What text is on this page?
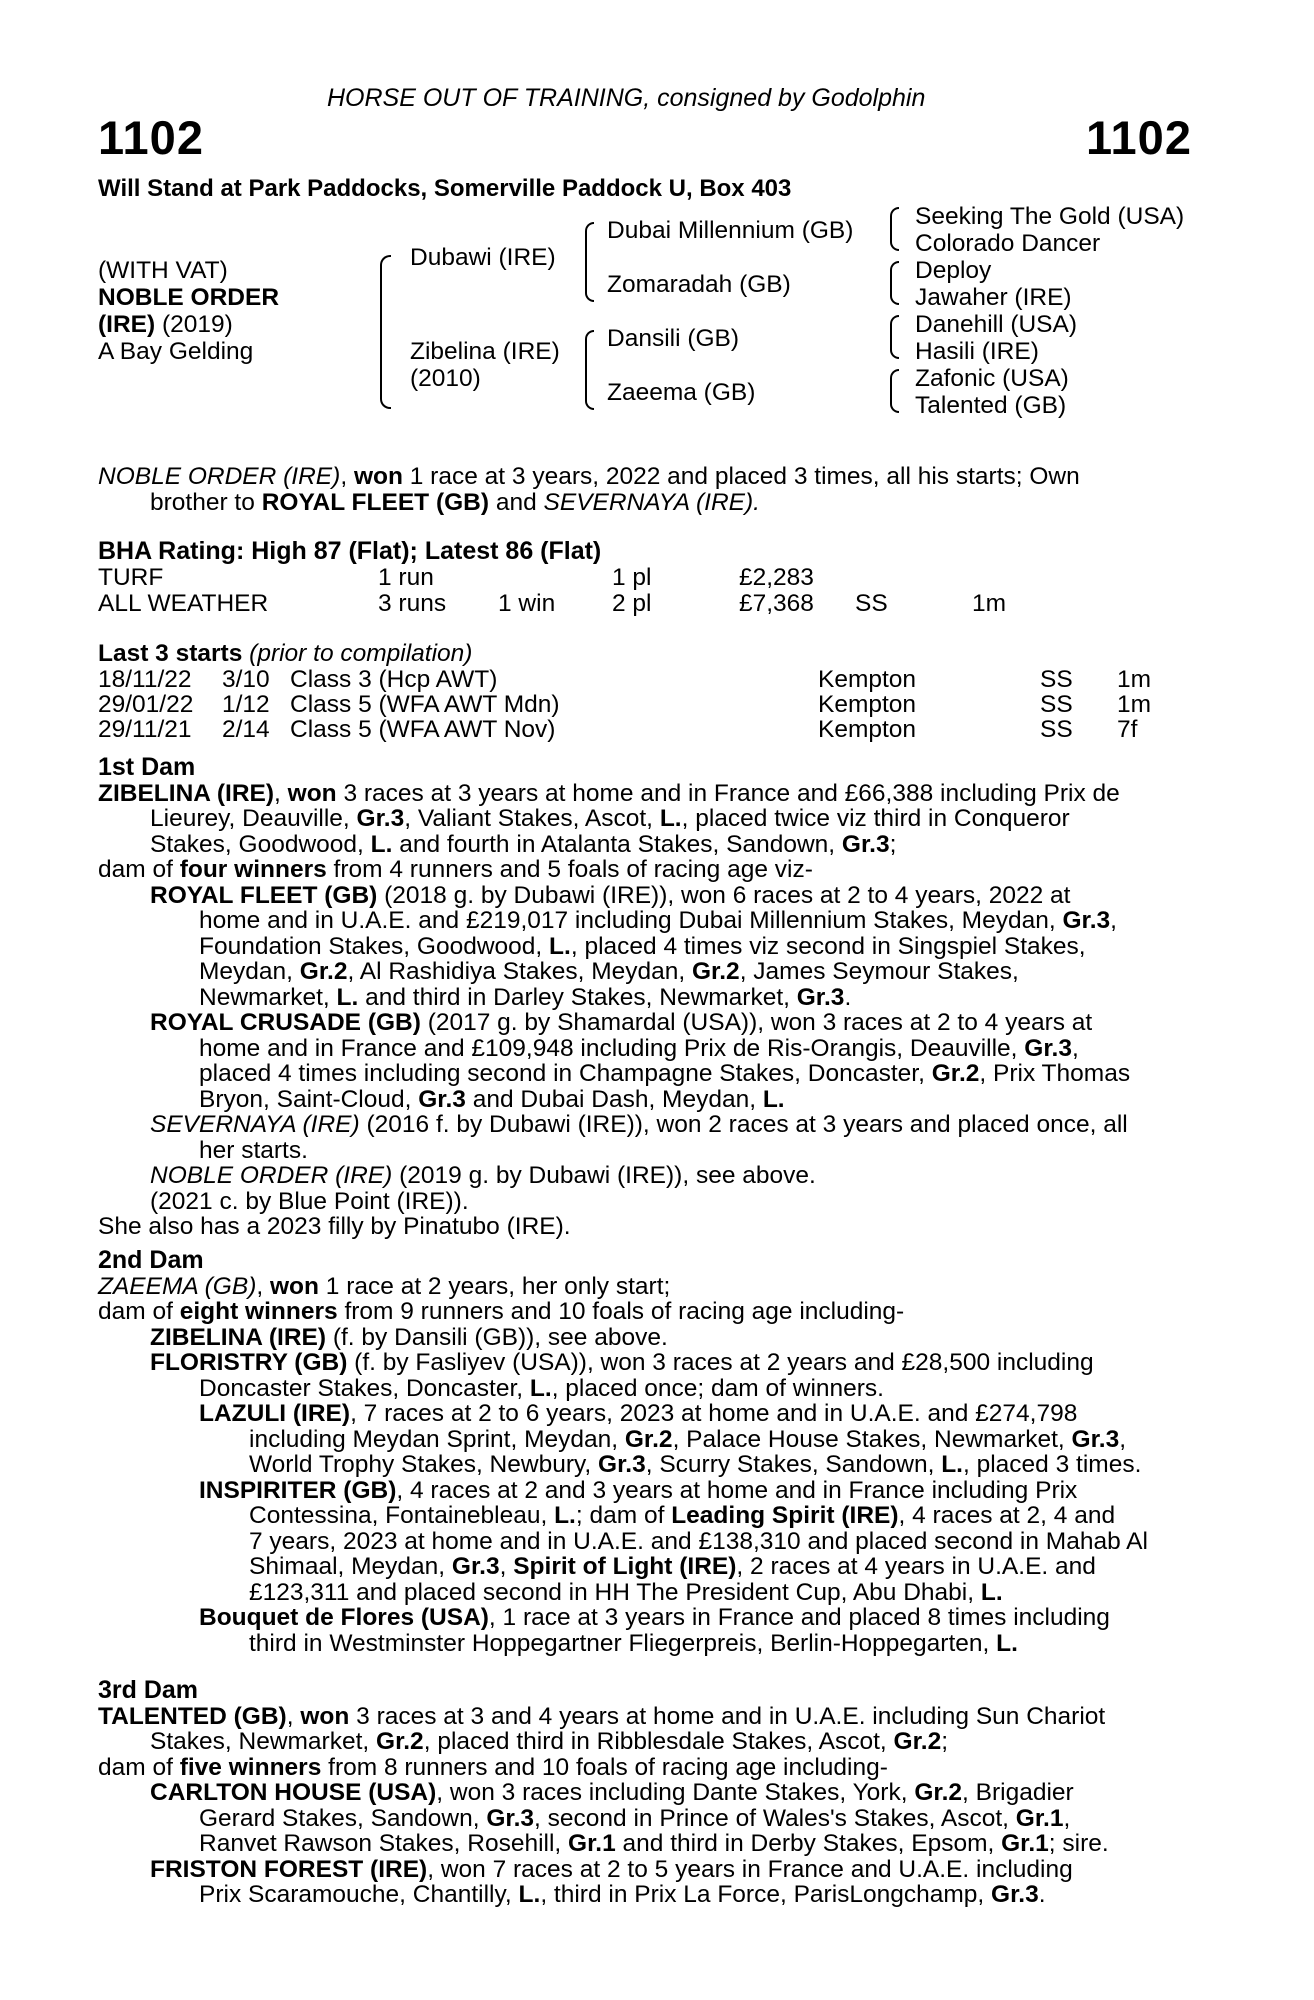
HORSE OUT OF TRAINING, consigned by Godolphin
1102	1102
Will Stand at Park Paddocks, Somerville Paddock U, Box 403
(WITH VAT)
NOBLE ORDER
(IRE) (2019)
A Bay Gelding
Dubawi (IRE)
Zibelina (IRE)
(2010)
Dubai Millennium (GB)
Zomaradah (GB)
Dansili (GB)
Zaeema (GB)
Seeking The Gold (USA)
Colorado Dancer
Deploy
Jawaher (IRE)
Danehill (USA)
Hasili (IRE)
Zafonic (USA)
Talented (GB)
NOBLE ORDER (IRE), won 1 race at 3 years, 2022 and placed 3 times, all his starts; Own
brother to ROYAL FLEET (GB) and SEVERNAYA (IRE).
BHA Rating: High 87 (Flat); Latest 86 (Flat)
TURF	1 run	1 pl	£2,283
ALL WEATHER	3 runs 1 win 2 pl	£7,368 SS	1m
Last 3 starts (prior to compilation)
18/11/22 3/10 Class 3 (Hcp AWT)	Kempton	SS 1m
29/01/22 1/12 Class 5 (WFA AWT Mdn)	Kempton	SS 1m
29/11/21 2/14 Class 5 (WFA AWT Nov)	Kempton	SS 7f
1st Dam
ZIBELINA (IRE), won 3 races at 3 years at home and in France and £66,388 including Prix de
Lieurey, Deauville, Gr.3, Valiant Stakes, Ascot, L., placed twice viz third in Conqueror
Stakes, Goodwood, L. and fourth in Atalanta Stakes, Sandown, Gr.3;
dam of four winners from 4 runners and 5 foals of racing age viz-
ROYAL FLEET (GB) (2018 g. by Dubawi (IRE)), won 6 races at 2 to 4 years, 2022 at
home and in U.A.E. and £219,017 including Dubai Millennium Stakes, Meydan, Gr.3,
Foundation Stakes, Goodwood, L., placed 4 times viz second in Singspiel Stakes,
Meydan, Gr.2, Al Rashidiya Stakes, Meydan, Gr.2, James Seymour Stakes,
Newmarket, L. and third in Darley Stakes, Newmarket, Gr.3.
ROYAL CRUSADE (GB) (2017 g. by Shamardal (USA)), won 3 races at 2 to 4 years at
home and in France and £109,948 including Prix de Ris-Orangis, Deauville, Gr.3,
placed 4 times including second in Champagne Stakes, Doncaster, Gr.2, Prix Thomas
Bryon, Saint-Cloud, Gr.3 and Dubai Dash, Meydan, L.
SEVERNAYA (IRE) (2016 f. by Dubawi (IRE)), won 2 races at 3 years and placed once, all
her starts.
NOBLE ORDER (IRE) (2019 g. by Dubawi (IRE)), see above.
(2021 c. by Blue Point (IRE)).
She also has a 2023 filly by Pinatubo (IRE).
2nd Dam
ZAEEMA (GB), won 1 race at 2 years, her only start;
dam of eight winners from 9 runners and 10 foals of racing age including-
ZIBELINA (IRE) (f. by Dansili (GB)), see above.
FLORISTRY (GB) (f. by Fasliyev (USA)), won 3 races at 2 years and £28,500 including
Doncaster Stakes, Doncaster, L., placed once; dam of winners.
LAZULI (IRE), 7 races at 2 to 6 years, 2023 at home and in U.A.E. and £274,798
including Meydan Sprint, Meydan, Gr.2, Palace House Stakes, Newmarket, Gr.3,
World Trophy Stakes, Newbury, Gr.3, Scurry Stakes, Sandown, L., placed 3 times.
INSPIRITER (GB), 4 races at 2 and 3 years at home and in France including Prix
Contessina, Fontainebleau, L.; dam of Leading Spirit (IRE), 4 races at 2, 4 and
7 years, 2023 at home and in U.A.E. and £138,310 and placed second in Mahab Al
Shimaal, Meydan, Gr.3, Spirit of Light (IRE), 2 races at 4 years in U.A.E. and
£123,311 and placed second in HH The President Cup, Abu Dhabi, L.
Bouquet de Flores (USA), 1 race at 3 years in France and placed 8 times including
third in Westminster Hoppegartner Fliegerpreis, Berlin-Hoppegarten, L.
3rd Dam
TALENTED (GB), won 3 races at 3 and 4 years at home and in U.A.E. including Sun Chariot
Stakes, Newmarket, Gr.2, placed third in Ribblesdale Stakes, Ascot, Gr.2;
dam of five winners from 8 runners and 10 foals of racing age including-
CARLTON HOUSE (USA), won 3 races including Dante Stakes, York, Gr.2, Brigadier
Gerard Stakes, Sandown, Gr.3, second in Prince of Wales's Stakes, Ascot, Gr.1,
Ranvet Rawson Stakes, Rosehill, Gr.1 and third in Derby Stakes, Epsom, Gr.1; sire.
FRISTON FOREST (IRE), won 7 races at 2 to 5 years in France and U.A.E. including
Prix Scaramouche, Chantilly, L., third in Prix La Force, ParisLongchamp, Gr.3.
